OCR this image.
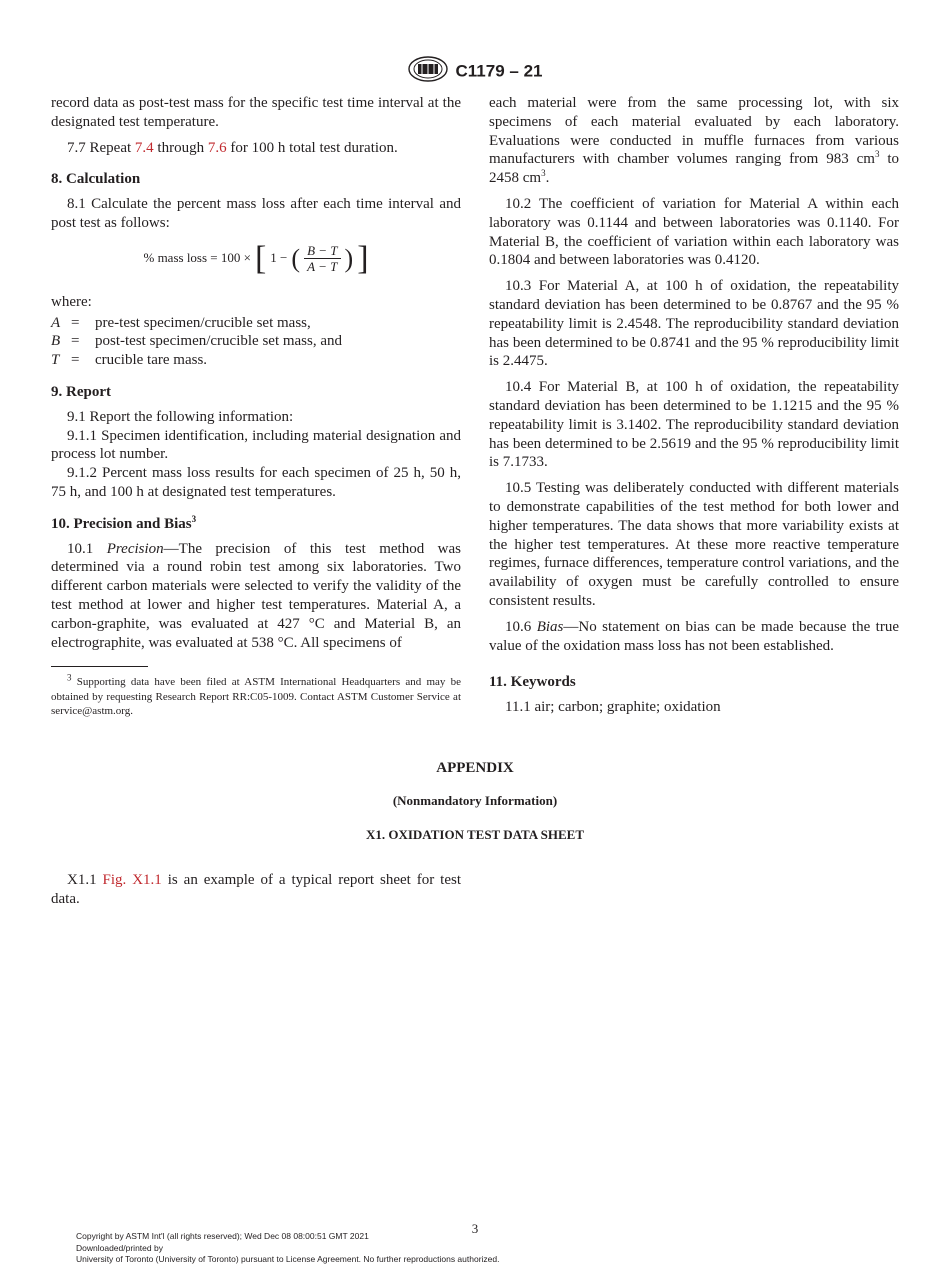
C1179 – 21

record data as post-test mass for the specific test time interval at the designated test temperature.

7.7 Repeat 7.4 through 7.6 for 100 h total test duration.

8. Calculation

8.1 Calculate the percent mass loss after each time interval and post test as follows:

% mass loss = 100 × [ 1 − ( $\frac{B - T}{A - T}$ ) ]

where:

A =	pre-test specimen/crucible set mass,
B =	post-test specimen/crucible set mass, and
T =	crucible tare mass.
9. Report

9.1 Report the following information:

9.1.1 Specimen identification, including material designation and process lot number.

9.1.2 Percent mass loss results for each specimen of 25 h, 50 h, 75 h, and 100 h at designated test temperatures.

10. Precision and Bias$^3$

10.1 Precision—The precision of this test method was determined via a round robin test among six laboratories. Two different carbon materials were selected to verify the validity of the test method at lower and higher test temperatures. Material A, a carbon-graphite, was evaluated at 427 °C and Material B, an electrographite, was evaluated at 538 °C. All specimens of

$^3$ Supporting data have been filed at ASTM International Headquarters and may be obtained by requesting Research Report RR:C05-1009. Contact ASTM Customer Service at service@astm.org.

each material were from the same processing lot, with six specimens of each material evaluated by each laboratory. Evaluations were conducted in muffle furnaces from various manufacturers with chamber volumes ranging from 983 $cm^3$ to 2458 $cm^3$.

10.2 The coefficient of variation for Material A within each laboratory was 0.1144 and between laboratories was 0.1140. For Material B, the coefficient of variation within each laboratory was 0.1804 and between laboratories was 0.4120.

10.3 For Material A, at 100 h of oxidation, the repeatability standard deviation has been determined to be 0.8767 and the 95 % repeatability limit is 2.4548. The reproducibility standard deviation has been determined to be 0.8741 and the 95 % reproducibility limit is 2.4475.

10.4 For Material B, at 100 h of oxidation, the repeatability standard deviation has been determined to be 1.1215 and the 95 % repeatability limit is 3.1402. The reproducibility standard deviation has been determined to be 2.5619 and the 95 % reproducibility limit is 7.1733.

10.5 Testing was deliberately conducted with different materials to demonstrate capabilities of the test method for both lower and higher temperatures. The data shows that more variability exists at the higher test temperatures. At these more reactive temperature regimes, furnace differences, temperature control variations, and the availability of oxygen must be carefully controlled to ensure consistent results.

10.6 Bias—No statement on bias can be made because the true value of the oxidation mass loss has not been established.

11. Keywords

11.1 air; carbon; graphite; oxidation

APPENDIX
(Nonmandatory Information)
X1. OXIDATION TEST DATA SHEET

X1.1 Fig. X1.1 is an example of a typical report sheet for test data.

3
Copyright by ASTM Int'l (all rights reserved); Wed Dec 08 08:00:51 GMT 2021
Downloaded/printed by
University of Toronto (University of Toronto) pursuant to License Agreement. No further reproductions authorized.
